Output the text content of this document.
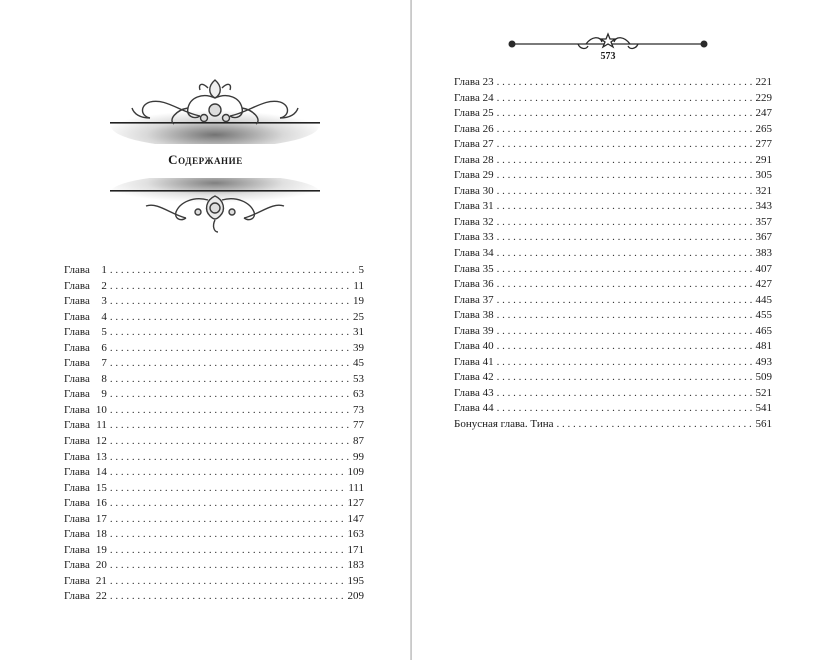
Содержание
Глава	1 . . .	5
Глава	2 . . .	11
Глава	3 . . .	19
Глава	4 . . .	25
Глава	5 . . .	31
Глава	6 . . .	39
Глава	7 . . .	45
Глава	8 . . .	53
Глава	9 . . .	63
Глава 10 . . .	73
Глава 11 . . .	77
Глава 12 . . .	87
Глава 13 . . .	99
Глава 14 . . .	109
Глава 15 . . .	111
Глава 16 . . .	127
Глава 17 . . .	147
Глава 18 . . .	163
Глава 19 . . .	171
Глава 20 . . .	183
Глава 21 . . .	195
Глава 22 . . .	209
573
Глава 23 . . .	221
Глава 24 . . .	229
Глава 25 . . .	247
Глава 26 . . .	265
Глава 27 . . .	277
Глава 28 . . .	291
Глава 29 . . .	305
Глава 30 . . .	321
Глава 31 . . .	343
Глава 32 . . .	357
Глава 33 . . .	367
Глава 34 . . .	383
Глава 35 . . .	407
Глава 36 . . .	427
Глава 37 . . .	445
Глава 38 . . .	455
Глава 39 . . .	465
Глава 40 . . .	481
Глава 41 . . .	493
Глава 42 . . .	509
Глава 43 . . .	521
Глава 44 . . .	541
Бонусная глава. Тина . . .	561
